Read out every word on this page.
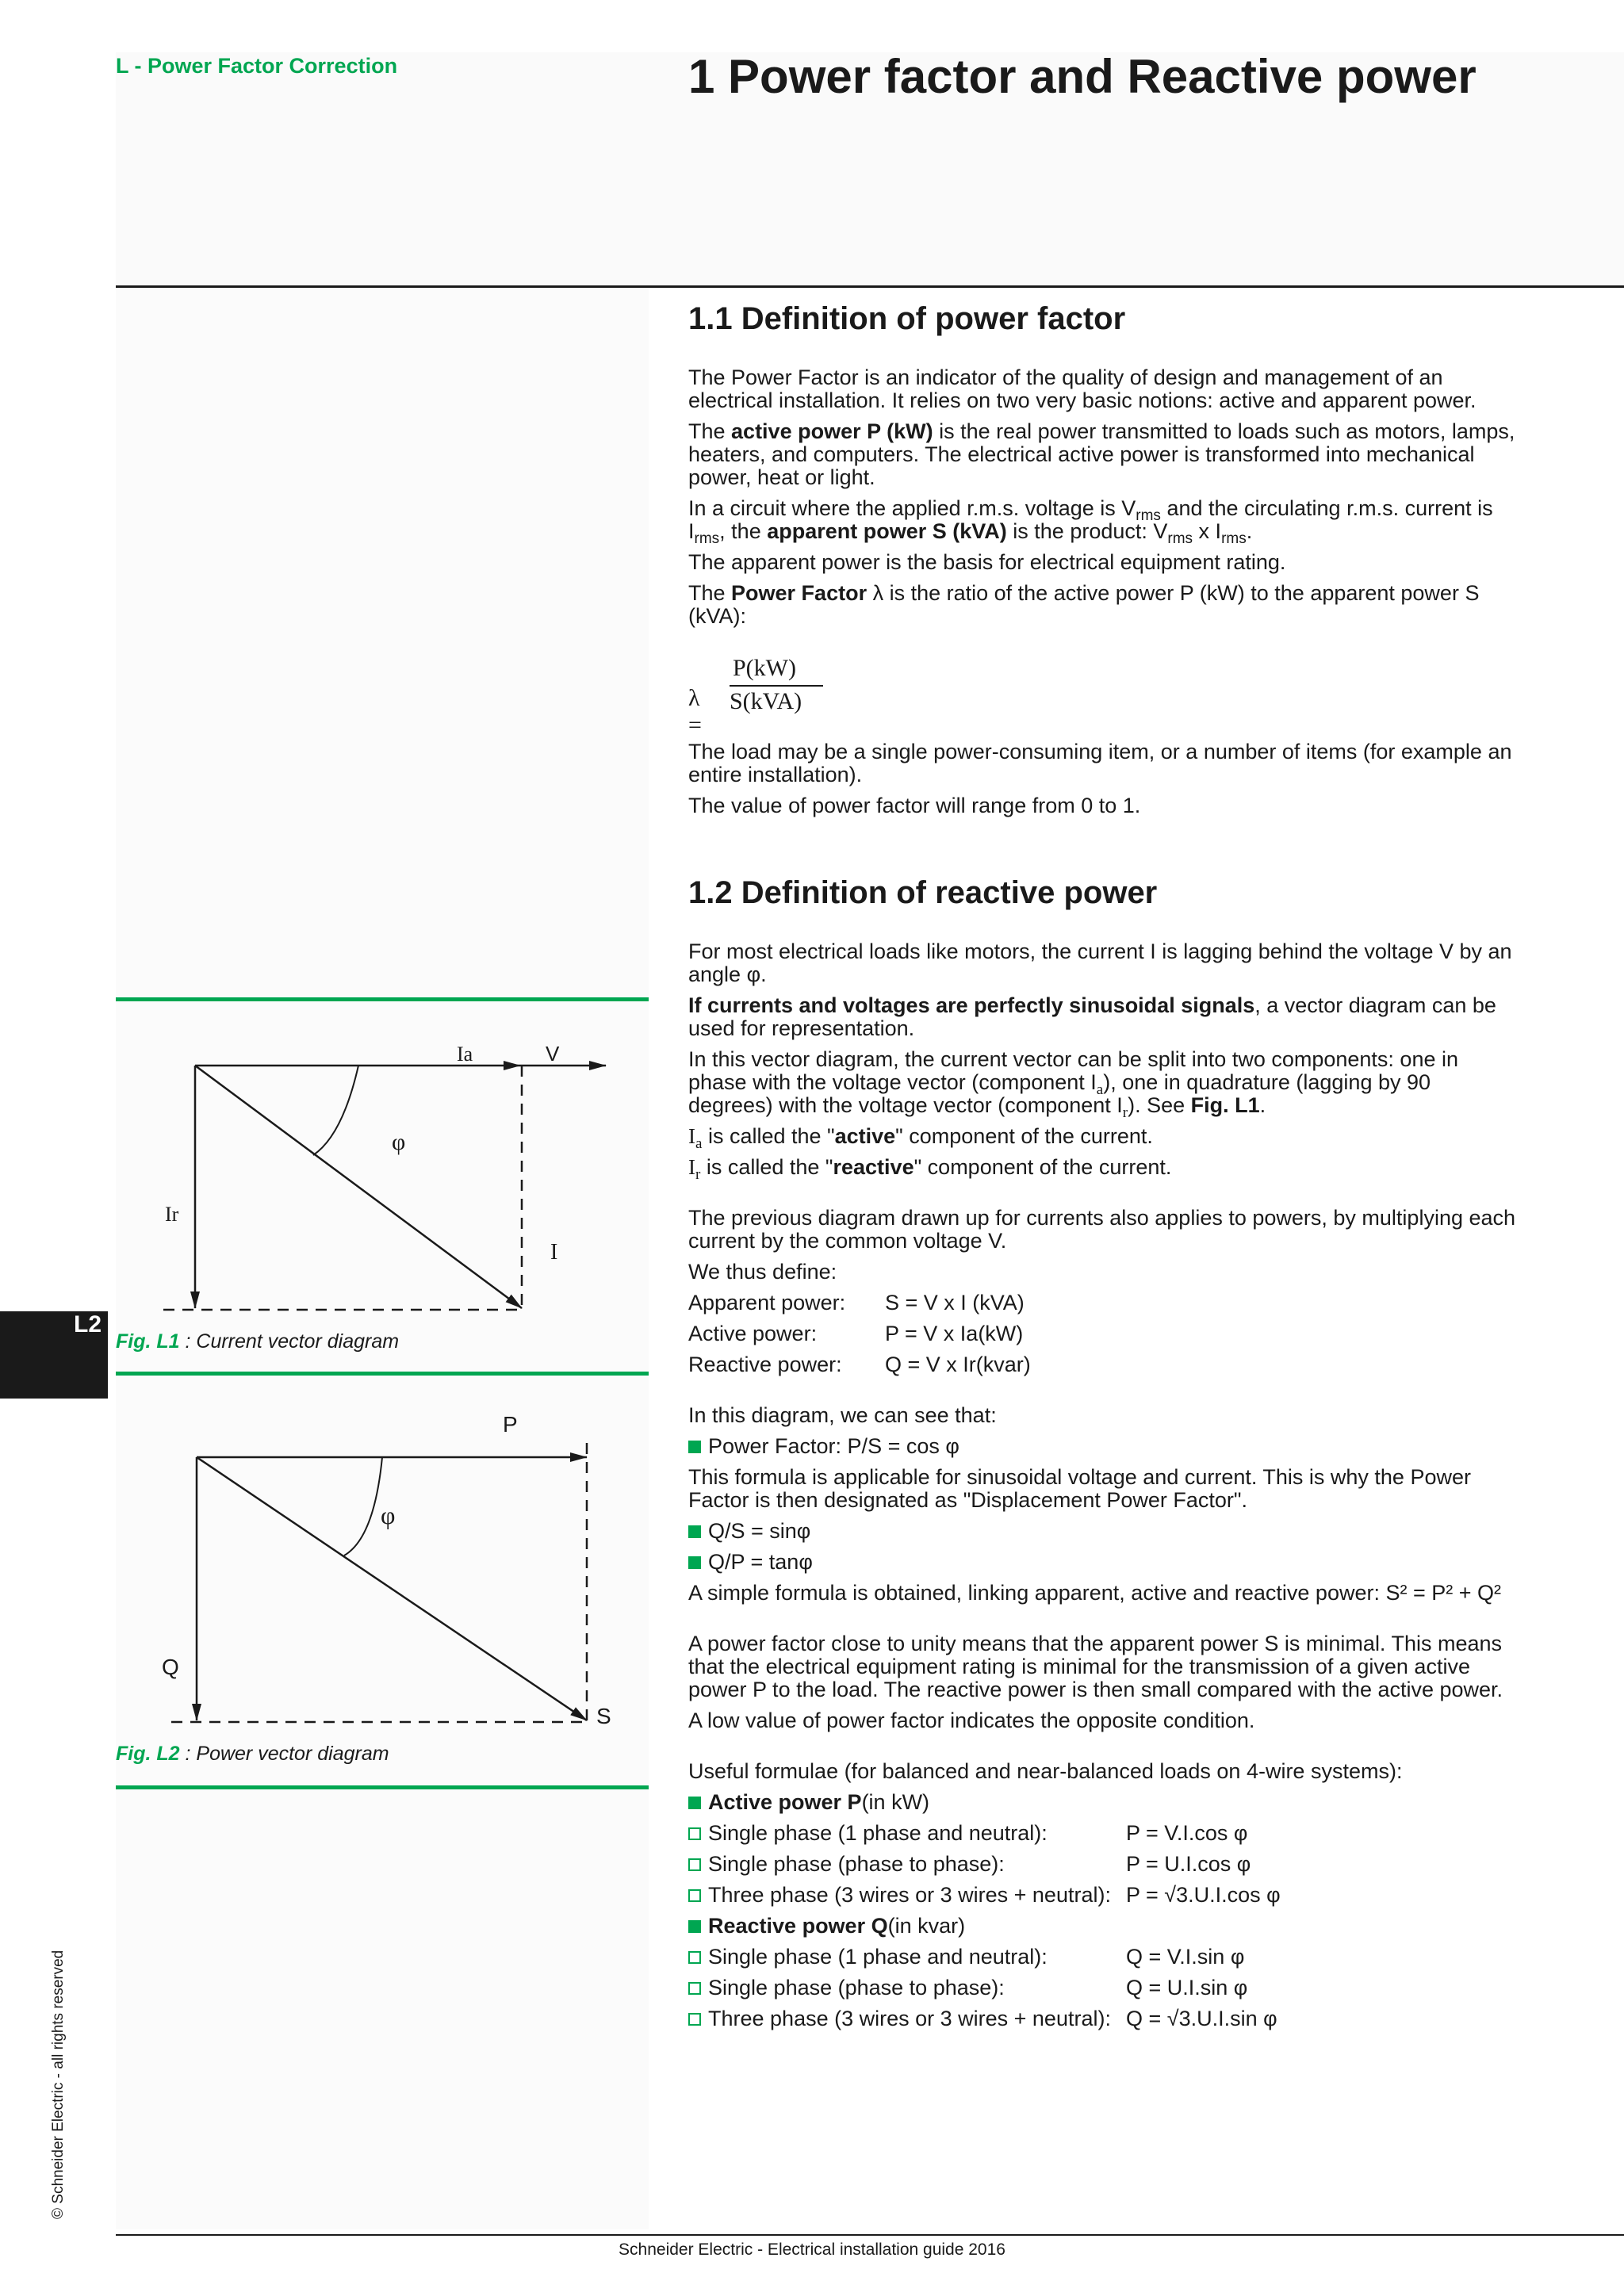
L - Power Factor Correction	1 Power factor and Reactive power
1.1 Definition of power factor

The Power Factor is an indicator of the quality of design and management of an electrical installation. It relies on two very basic notions: active and apparent power.

The active power P (kW) is the real power transmitted to loads such as motors, lamps, heaters, and computers. The electrical active power is transformed into mechanical power, heat or light.

In a circuit where the applied r.m.s. voltage is $V_{rms}$ and the circulating r.m.s. current is $I_{rms}$, the apparent power S (kVA) is the product: $V_{rms}$ x $I_{rms}$.

The apparent power is the basis for electrical equipment rating.

The Power Factor λ is the ratio of the active power P (kW) to the apparent power S (kVA):

λ =
P(kW)
S(kVA)

The load may be a single power-consuming item, or a number of items (for example an entire installation).

The value of power factor will range from 0 to 1.

1.2 Definition of reactive power

For most electrical loads like motors, the current I is lagging behind the voltage V by an angle φ.

If currents and voltages are perfectly sinusoidal signals, a vector diagram can be used for representation.

In this vector diagram, the current vector can be split into two components: one in phase with the voltage vector (component $I_a$), one in quadrature (lagging by 90 degrees) with the voltage vector (component $I_r$). See Fig. L1.

$I_a$ is called the "active" component of the current.

$I_r$ is called the "reactive" component of the current.

The previous diagram drawn up for currents also applies to powers, by multiplying each current by the common voltage V.

We thus define:

Apparent power:	S = V x I (kVA)
Active power:	P = V x Ia(kW)
Reactive power:	Q = V x Ir(kvar)

In this diagram, we can see that:

Power Factor: P/S = cos φ

This formula is applicable for sinusoidal voltage and current. This is why the Power Factor is then designated as "Displacement Power Factor".

Q/S = sinφ
Q/P = tanφ

A simple formula is obtained, linking apparent, active and reactive power: S² = P² + Q²

A power factor close to unity means that the apparent power S is minimal. This means that the electrical equipment rating is minimal for the transmission of a given active power P to the load. The reactive power is then small compared with the active power.

A low value of power factor indicates the opposite condition.

Useful formulae (for balanced and near-balanced loads on 4-wire systems):

Active power P (in kW)
Single phase (1 phase and neutral):	P = V.I.cos φ
Single phase (phase to phase):	P = U.I.cos φ
Three phase (3 wires or 3 wires + neutral): P = √3.U.I.cos φ
Reactive power Q (in kvar)
Single phase (1 phase and neutral):	Q = V.I.sin φ
Single phase (phase to phase):	Q = U.I.sin φ
Three phase (3 wires or 3 wires + neutral): Q = √3.U.I.sin φ
Ia	V
φ
Ir
I
Fig. L1 : Current vector diagram
P
φ
Q
S
Fig. L2 : Power vector diagram
L2
© Schneider Electric - all rights reserved
Schneider Electric - Electrical installation guide 2016
